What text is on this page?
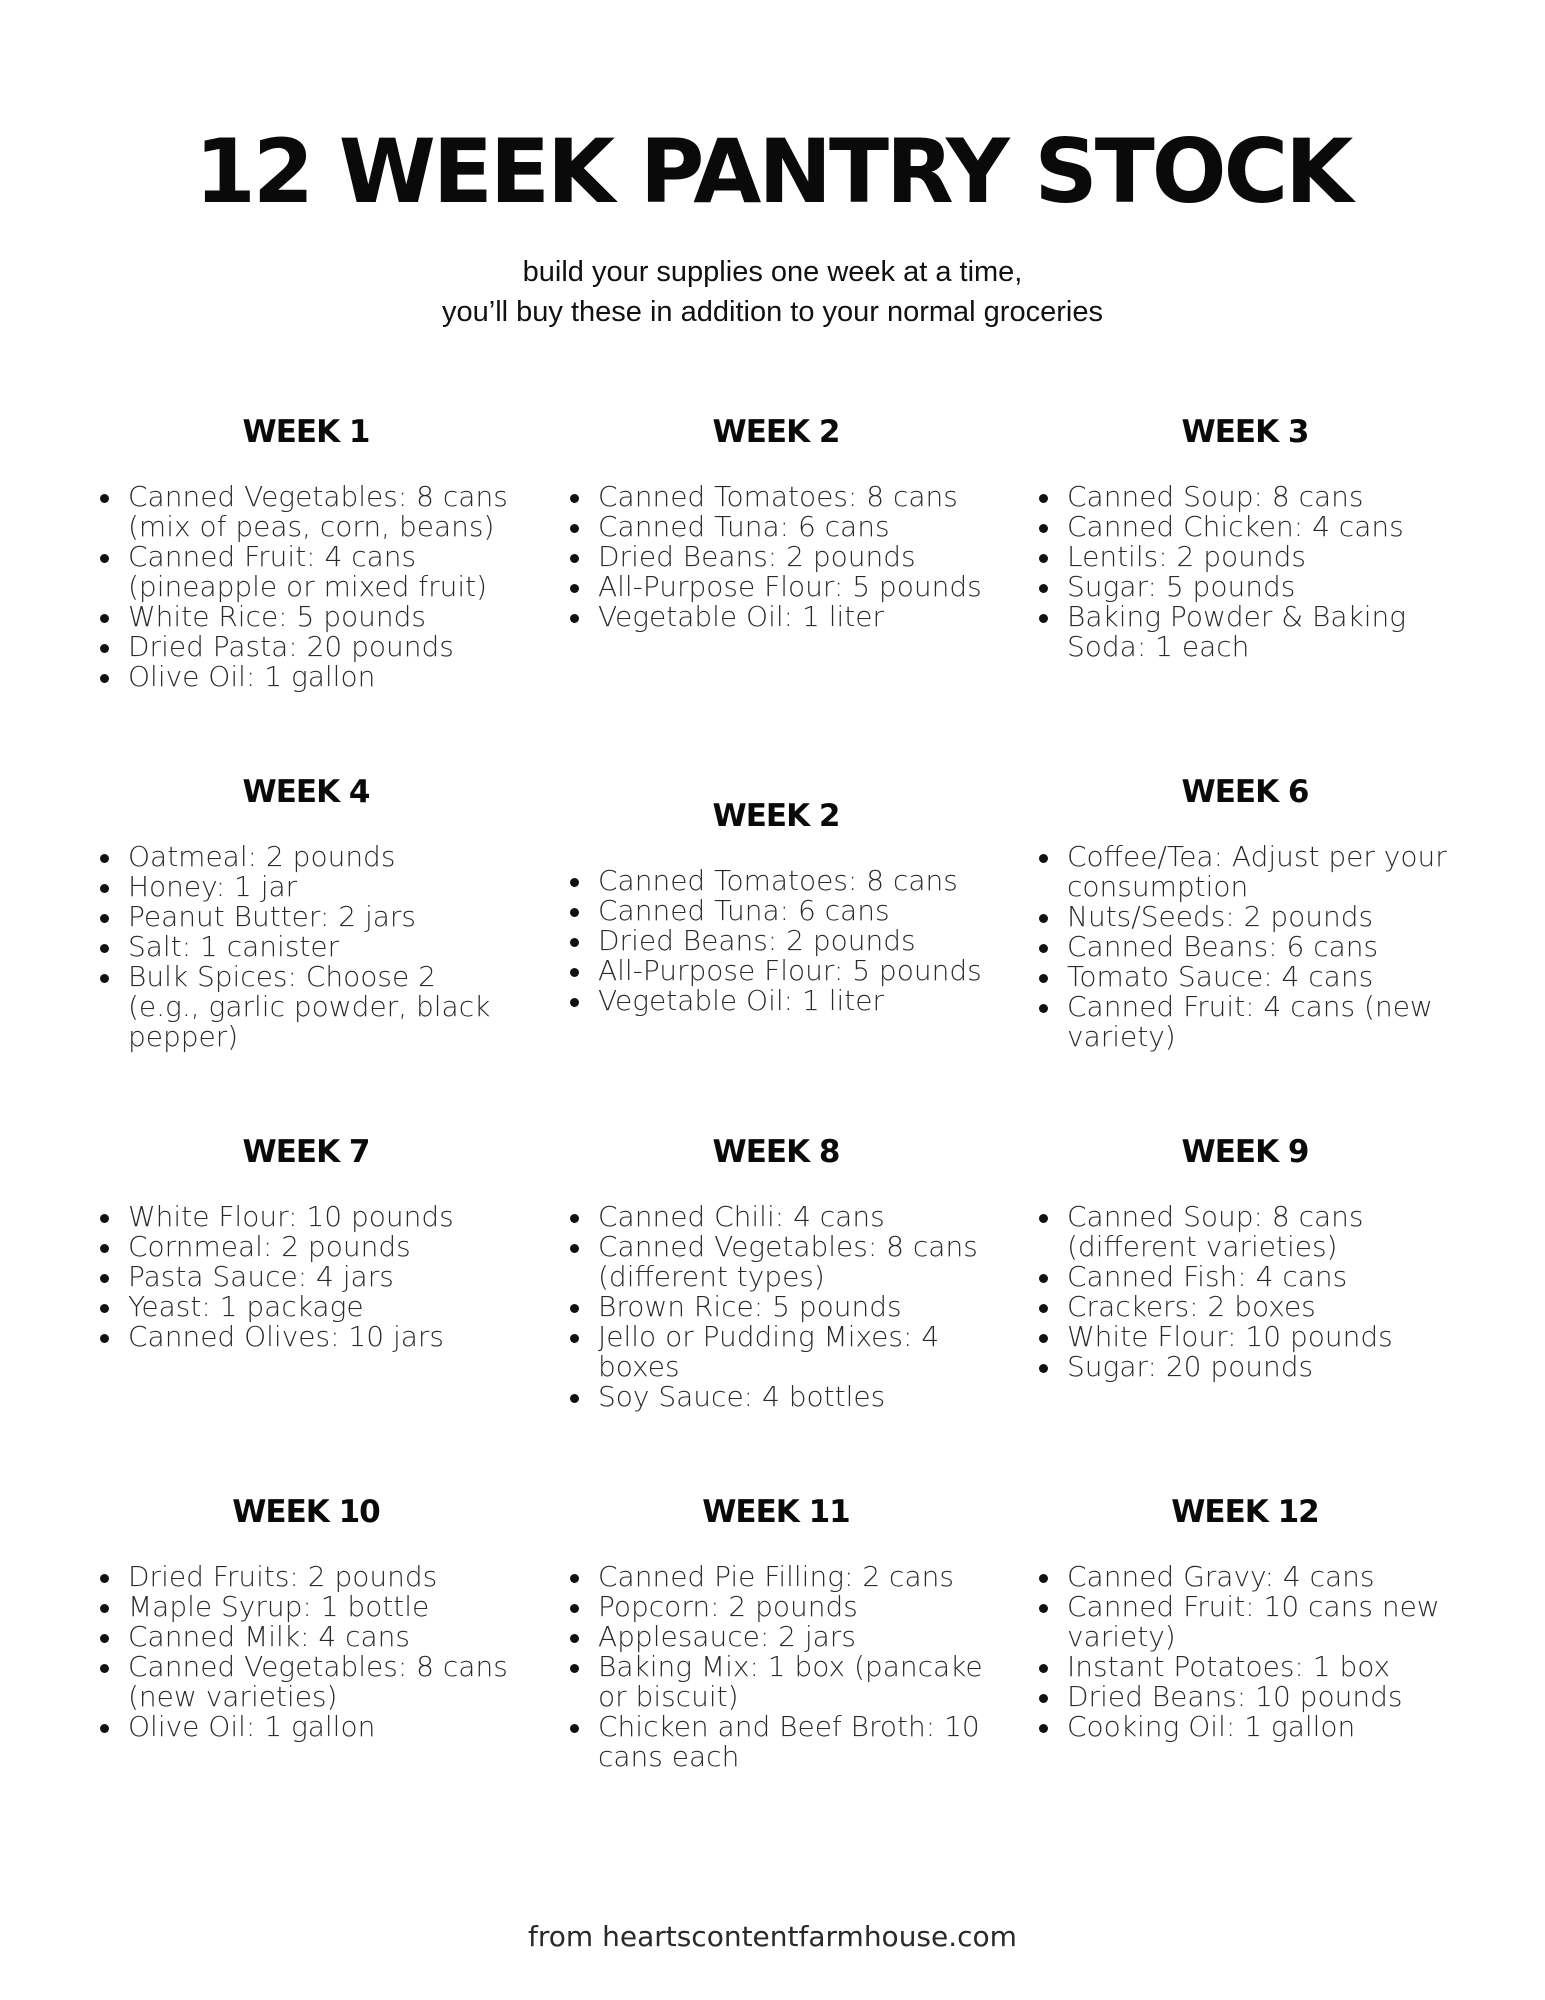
12 WEEK PANTRY STOCK
build your supplies one week at a time,
you’ll buy these in addition to your normal groceries
WEEK 1
Canned Vegetables: 8 cans (mix of peas, corn, beans)
Canned Fruit: 4 cans (pineapple or mixed fruit)
White Rice: 5 pounds
Dried Pasta: 20 pounds
Olive Oil: 1 gallon
WEEK 2
Canned Tomatoes: 8 cans
Canned Tuna: 6 cans
Dried Beans: 2 pounds
All-Purpose Flour: 5 pounds
Vegetable Oil: 1 liter
WEEK 3
Canned Soup: 8 cans
Canned Chicken: 4 cans
Lentils: 2 pounds
Sugar: 5 pounds
Baking Powder & Baking Soda: 1 each
WEEK 4
Oatmeal: 2 pounds
Honey: 1 jar
Peanut Butter: 2 jars
Salt: 1 canister
Bulk Spices: Choose 2 (e.g., garlic powder, black pepper)
WEEK 2
Canned Tomatoes: 8 cans
Canned Tuna: 6 cans
Dried Beans: 2 pounds
All-Purpose Flour: 5 pounds
Vegetable Oil: 1 liter
WEEK 6
Coffee/Tea: Adjust per your consumption
Nuts/Seeds: 2 pounds
Canned Beans: 6 cans
Tomato Sauce: 4 cans
Canned Fruit: 4 cans (new variety)
WEEK 7
White Flour: 10 pounds
Cornmeal: 2 pounds
Pasta Sauce: 4 jars
Yeast: 1 package
Canned Olives: 10 jars
WEEK 8
Canned Chili: 4 cans
Canned Vegetables: 8 cans (different types)
Brown Rice: 5 pounds
Jello or Pudding Mixes: 4 boxes
Soy Sauce: 4 bottles
WEEK 9
Canned Soup: 8 cans (different varieties)
Canned Fish: 4 cans
Crackers: 2 boxes
White Flour: 10 pounds
Sugar: 20 pounds
WEEK 10
Dried Fruits: 2 pounds
Maple Syrup: 1 bottle
Canned Milk: 4 cans
Canned Vegetables: 8 cans (new varieties)
Olive Oil: 1 gallon
WEEK 11
Canned Pie Filling: 2 cans
Popcorn: 2 pounds
Applesauce: 2 jars
Baking Mix: 1 box (pancake or biscuit)
Chicken and Beef Broth: 10 cans each
WEEK 12
Canned Gravy: 4 cans
Canned Fruit: 10 cans new variety)
Instant Potatoes: 1 box
Dried Beans: 10 pounds
Cooking Oil: 1 gallon
from heartscontentfarmhouse.com
